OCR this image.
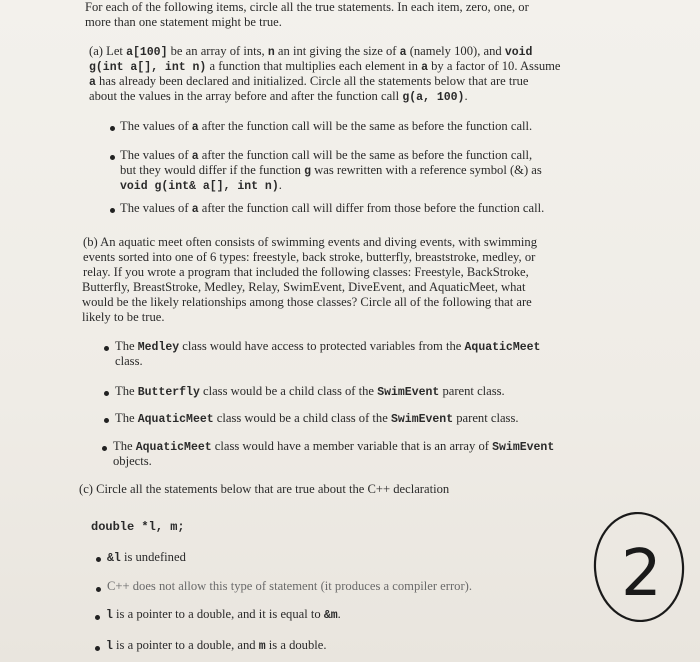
For each of the following items, circle all the true statements. In each item, zero, one, or
more than one statement might be true.
(a) Let a[100] be an array of ints, n an int giving the size of a (namely 100), and void
g(int a[], int n) a function that multiplies each element in a by a factor of 10. Assume
a has already been declared and initialized. Circle all the statements below that are true
about the values in the array before and after the function call g(a, 100).
The values of a after the function call will be the same as before the function call.
The values of a after the function call will be the same as before the function call,
but they would differ if the function g was rewritten with a reference symbol (&) as
void g(int& a[], int n).
The values of a after the function call will differ from those before the function call.
(b) An aquatic meet often consists of swimming events and diving events, with swimming
events sorted into one of 6 types: freestyle, back stroke, butterfly, breaststroke, medley, or
relay. If you wrote a program that included the following classes: Freestyle, BackStroke,
Butterfly, BreastStroke, Medley, Relay, SwimEvent, DiveEvent, and AquaticMeet, what
would be the likely relationships among those classes? Circle all of the following that are
likely to be true.
The Medley class would have access to protected variables from the AquaticMeet
class.
The Butterfly class would be a child class of the SwimEvent parent class.
The AquaticMeet class would be a child class of the SwimEvent parent class.
The AquaticMeet class would have a member variable that is an array of SwimEvent
objects.
(c) Circle all the statements below that are true about the C++ declaration
double *l, m;
&l is undefined
C++ does not allow this type of statement (it produces a compiler error).
l is a pointer to a double, and it is equal to &m.
l is a pointer to a double, and m is a double.
2
